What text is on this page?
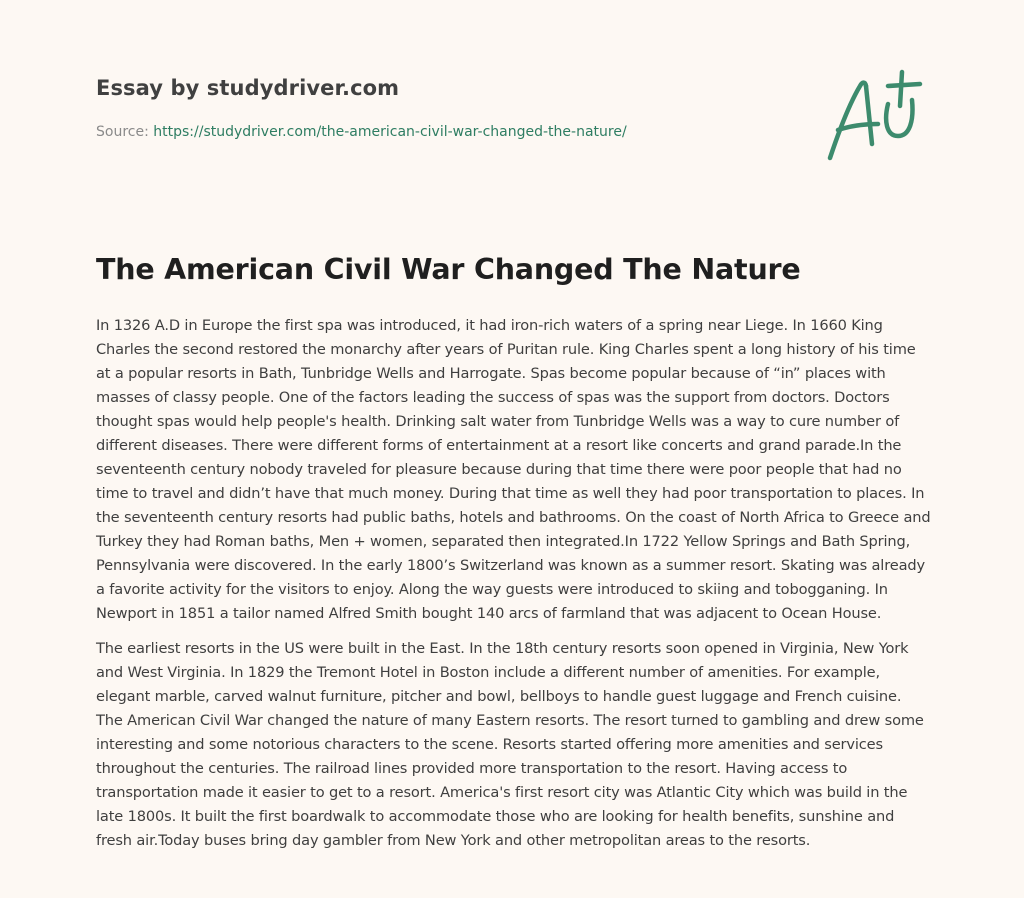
Essay by studydriver.com
Source: https://studydriver.com/the-american-civil-war-changed-the-nature/
The American Civil War Changed The Nature

In 1326 A.D in Europe the first spa was introduced, it had iron-rich waters of a spring near Liege. In 1660 King Charles the second restored the monarchy after years of Puritan rule. King Charles spent a long history of his time at a popular resorts in Bath, Tunbridge Wells and Harrogate. Spas become popular because of “in” places with masses of classy people. One of the factors leading the success of spas was the support from doctors. Doctors thought spas would help people's health. Drinking salt water from Tunbridge Wells was a way to cure number of different diseases. There were different forms of entertainment at a resort like concerts and grand parade.In the seventeenth century nobody traveled for pleasure because during that time there were poor people that had no time to travel and didn’t have that much money. During that time as well they had poor transportation to places. In the seventeenth century resorts had public baths, hotels and bathrooms. On the coast of North Africa to Greece and Turkey they had Roman baths, Men + women, separated then integrated.In 1722 Yellow Springs and Bath Spring, Pennsylvania were discovered. In the early 1800’s Switzerland was known as a summer resort. Skating was already a favorite activity for the visitors to enjoy. Along the way guests were introduced to skiing and tobogganing. In Newport in 1851 a tailor named Alfred Smith bought 140 arcs of farmland that was adjacent to Ocean House.

The earliest resorts in the US were built in the East. In the 18th century resorts soon opened in Virginia, New York and West Virginia. In 1829 the Tremont Hotel in Boston include a different number of amenities. For example, elegant marble, carved walnut furniture, pitcher and bowl, bellboys to handle guest luggage and French cuisine. The American Civil War changed the nature of many Eastern resorts. The resort turned to gambling and drew some interesting and some notorious characters to the scene. Resorts started offering more amenities and services throughout the centuries. The railroad lines provided more transportation to the resort. Having access to transportation made it easier to get to a resort. America's first resort city was Atlantic City which was build in the late 1800s. It built the first boardwalk to accommodate those who are looking for health benefits, sunshine and fresh air.Today buses bring day gambler from New York and other metropolitan areas to the resorts.
